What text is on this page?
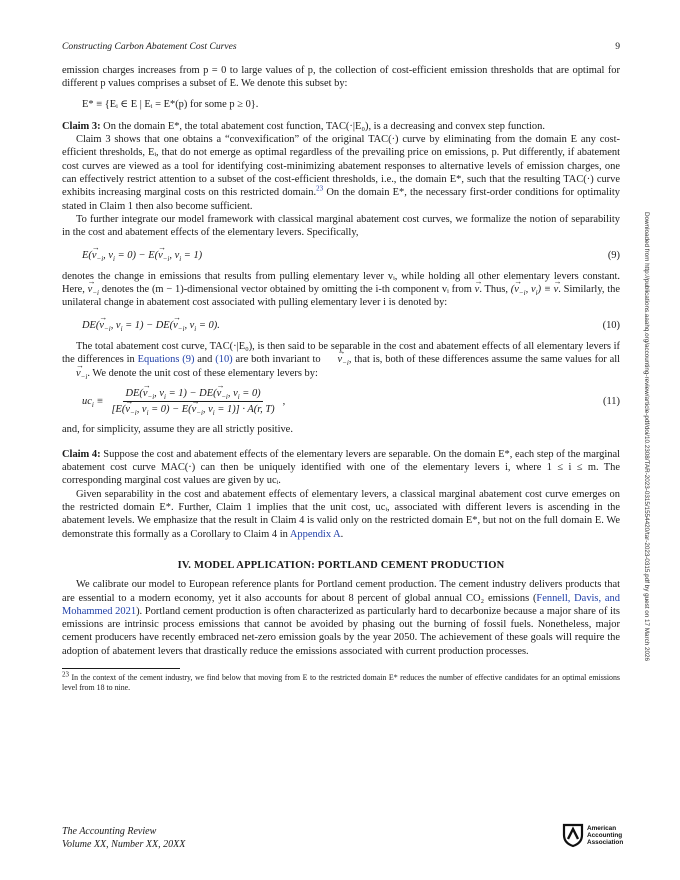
Constructing Carbon Abatement Cost Curves	9
Downloaded from http://publications.aaahq.org/accounting-review/article-pdf/doi/10.2308/TAR-2023-0315/1554420/tar-2023-0315.pdf by guest on 17 March 2026

emission charges increases from p = 0 to large values of p, the collection of cost-efficient emission thresholds that are optimal for different p values comprises a subset of E. We denote this subset by:

E* ≡ {Eᵢ ∈ E | Eᵢ = E*(p) for some p ≥ 0}.

Claim 3: On the domain E*, the total abatement cost function, TAC(·|E₀), is a decreasing and convex step function.

Claim 3 shows that one obtains a “convexification” of the original TAC(·) curve by eliminating from the domain E any cost-efficient thresholds, Eᵢ, that do not emerge as optimal regardless of the prevailing price on emissions, p. Put differently, if abatement cost curves are viewed as a tool for identifying cost-minimizing abatement responses to alternative levels of emission charges, one can effectively restrict attention to a subset of the cost-efficient thresholds, i.e., the domain E*, such that the resulting TAC(·) curve exhibits increasing marginal costs on this restricted domain.$^{23}$ On the domain E*, the necessary first-order conditions for optimality stated in Claim 1 then also become sufficient.

To further integrate our model framework with classical marginal abatement cost curves, we formalize the notion of separability in the cost and abatement effects of the elementary levers. Specifically,

$E(\to v_{-i}$, $v_i = 0) - E(\to v_{-i}$, $v_i = 1$)	(9)

denotes the change in emissions that results from pulling elementary lever vᵢ, while holding all other elementary levers constant. Here, → $v_{-i}$ denotes the (m − 1)-dimensional vector obtained by omitting the i-th component vᵢ from → v. Thus, (→ $v_{-i}$, $v_i$) ≡ → v. Similarly, the unilateral change in abatement cost associated with pulling elementary lever i is denoted by:

$DE(\to v_{-i}$, $v_i = 1) - DE(\to v_{-i}$, $v_i = 0$).	(10)

The total abatement cost curve, TAC(·|E₀), is then said to be separable in the cost and abatement effects of all elementary levers if the differences in Equations (9) and (10) are both invariant to → $v_{-i}$, that is, both of these differences assume the same values for all → $v_{-i}$. We denote the unit cost of these elementary levers by:

$uc_i \equiv \frac{DE(\to v_{-i}, v_i = 1) - DE(\to v_{-i}, v_i = 0)}{[E(\to v_{-i}, v_i = 0) - E(\to v_{-i}, v_i = 1)] \cdot A(r, T)}$ ,	(11)

and, for simplicity, assume they are all strictly positive.

Claim 4: Suppose the cost and abatement effects of the elementary levers are separable. On the domain E*, each step of the marginal abatement cost curve MAC(·) can then be uniquely identified with one of the elementary levers i, where 1 ≤ i ≤ m. The corresponding marginal cost values are given by ucᵢ.

Given separability in the cost and abatement effects of elementary levers, a classical marginal abatement cost curve emerges on the restricted domain E*. Further, Claim 1 implies that the unit cost, ucᵢ, associated with different levers is ascending in the abatement levels. We emphasize that the result in Claim 4 is valid only on the restricted domain E*, but not on the full domain E. We demonstrate this formally as a Corollary to Claim 4 in Appendix A.

IV. MODEL APPLICATION: PORTLAND CEMENT PRODUCTION

We calibrate our model to European reference plants for Portland cement production. The cement industry delivers products that are essential to a modern economy, yet it also accounts for about 8 percent of global annual CO₂ emissions (Fennell, Davis, and Mohammed 2021). Portland cement production is often characterized as particularly hard to decarbonize because a major share of its emissions are intrinsic process emissions that cannot be avoided by phasing out the burning of fossil fuels. Nonetheless, major cement producers have recently embraced net-zero emission goals by the year 2050. The achievement of these goals will require the adoption of abatement levers that drastically reduce the emissions associated with current production processes.

$^{23}$ In the context of the cement industry, we find below that moving from E to the restricted domain E* reduces the number of effective candidates for an optimal emissions level from 18 to nine.

The Accounting Review
Volume XX, Number XX, 20XX
American
Accounting
Association
